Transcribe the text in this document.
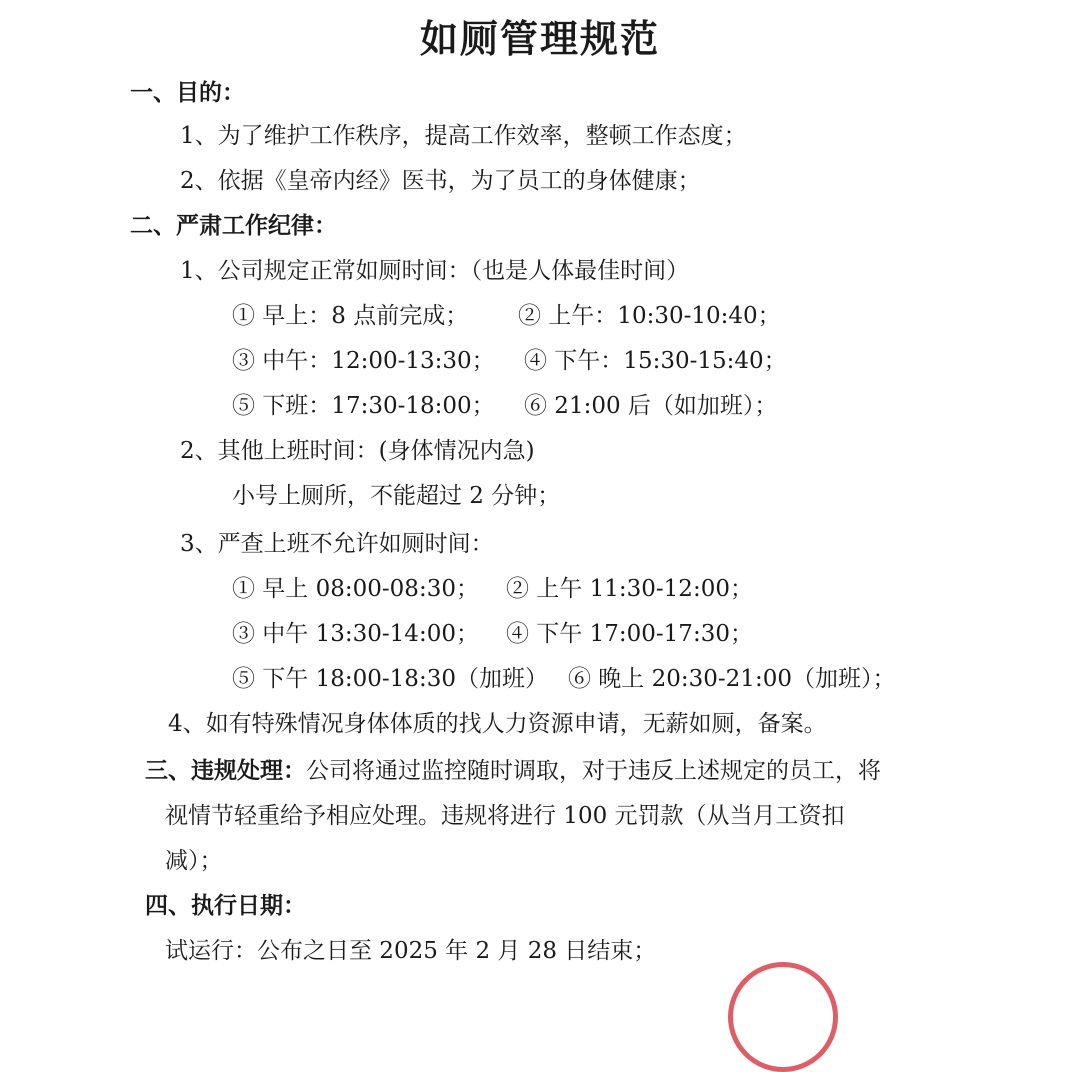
如厕管理规范
一、目的：
1、为了维护工作秩序，提高工作效率，整顿工作态度；
2、依据《皇帝内经》医书，为了员工的身体健康；
二、严肃工作纪律：
1、公司规定正常如厕时间：（也是人体最佳时间）
① 早上：8 点前完成； ② 上午：10:30-10:40；
③ 中午：12:00-13:30； ④ 下午：15:30-15:40；
⑤ 下班：17:30-18:00； ⑥ 21:00 后（如加班）；
2、其他上班时间：(身体情况内急)
小号上厕所，不能超过 2 分钟；
3、严查上班不允许如厕时间：
① 早上 08:00-08:30； ② 上午 11:30-12:00；
③ 中午 13:30-14:00； ④ 下午 17:00-17:30；
⑤ 下午 18:00-18:30（加班） ⑥ 晚上 20:30-21:00（加班）；
4、如有特殊情况身体体质的找人力资源申请，无薪如厕，备案。
三、违规处理：公司将通过监控随时调取，对于违反上述规定的员工，将
视情节轻重给予相应处理。违规将进行 100 元罚款（从当月工资扣
减）；
四、执行日期：
试运行：公布之日至 2025 年 2 月 28 日结束；
